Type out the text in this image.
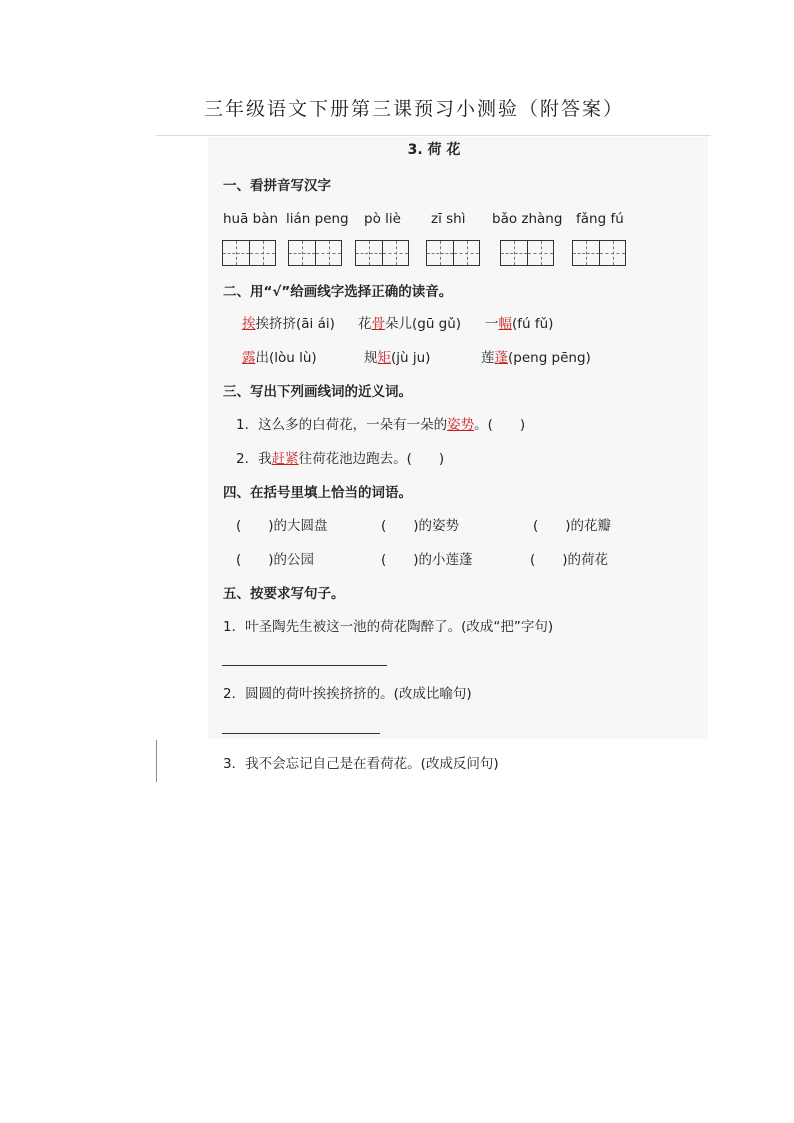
三年级语文下册第三课预习小测验（附答案）
3. 荷 花
一、看拼音写汉字
huā bàn lián peng pò liè zī shì bǎo zhàng fǎng fú
二、用“√”给画线字选择正确的读音。
挨挨挤挤(āi ái) 花骨朵儿(gū gǔ) 一幅(fú fǔ)
露出(lòu lù)	规矩(jù ju)	莲蓬(peng pēng)
三、写出下列画线词的近义词。
1．这么多的白荷花，一朵有一朵的姿势。(　　)
2．我赶紧往荷花池边跑去。(　　)
四、在括号里填上恰当的词语。
(　　)的大圆盘	(　　)的姿势	(　　)的花瓣
(　　)的公园	(　　)的小莲蓬	(　　)的荷花
五、按要求写句子。
1．叶圣陶先生被这一池的荷花陶醉了。(改成“把”字句)
2．圆圆的荷叶挨挨挤挤的。(改成比喻句)
3．我不会忘记自己是在看荷花。(改成反问句)
